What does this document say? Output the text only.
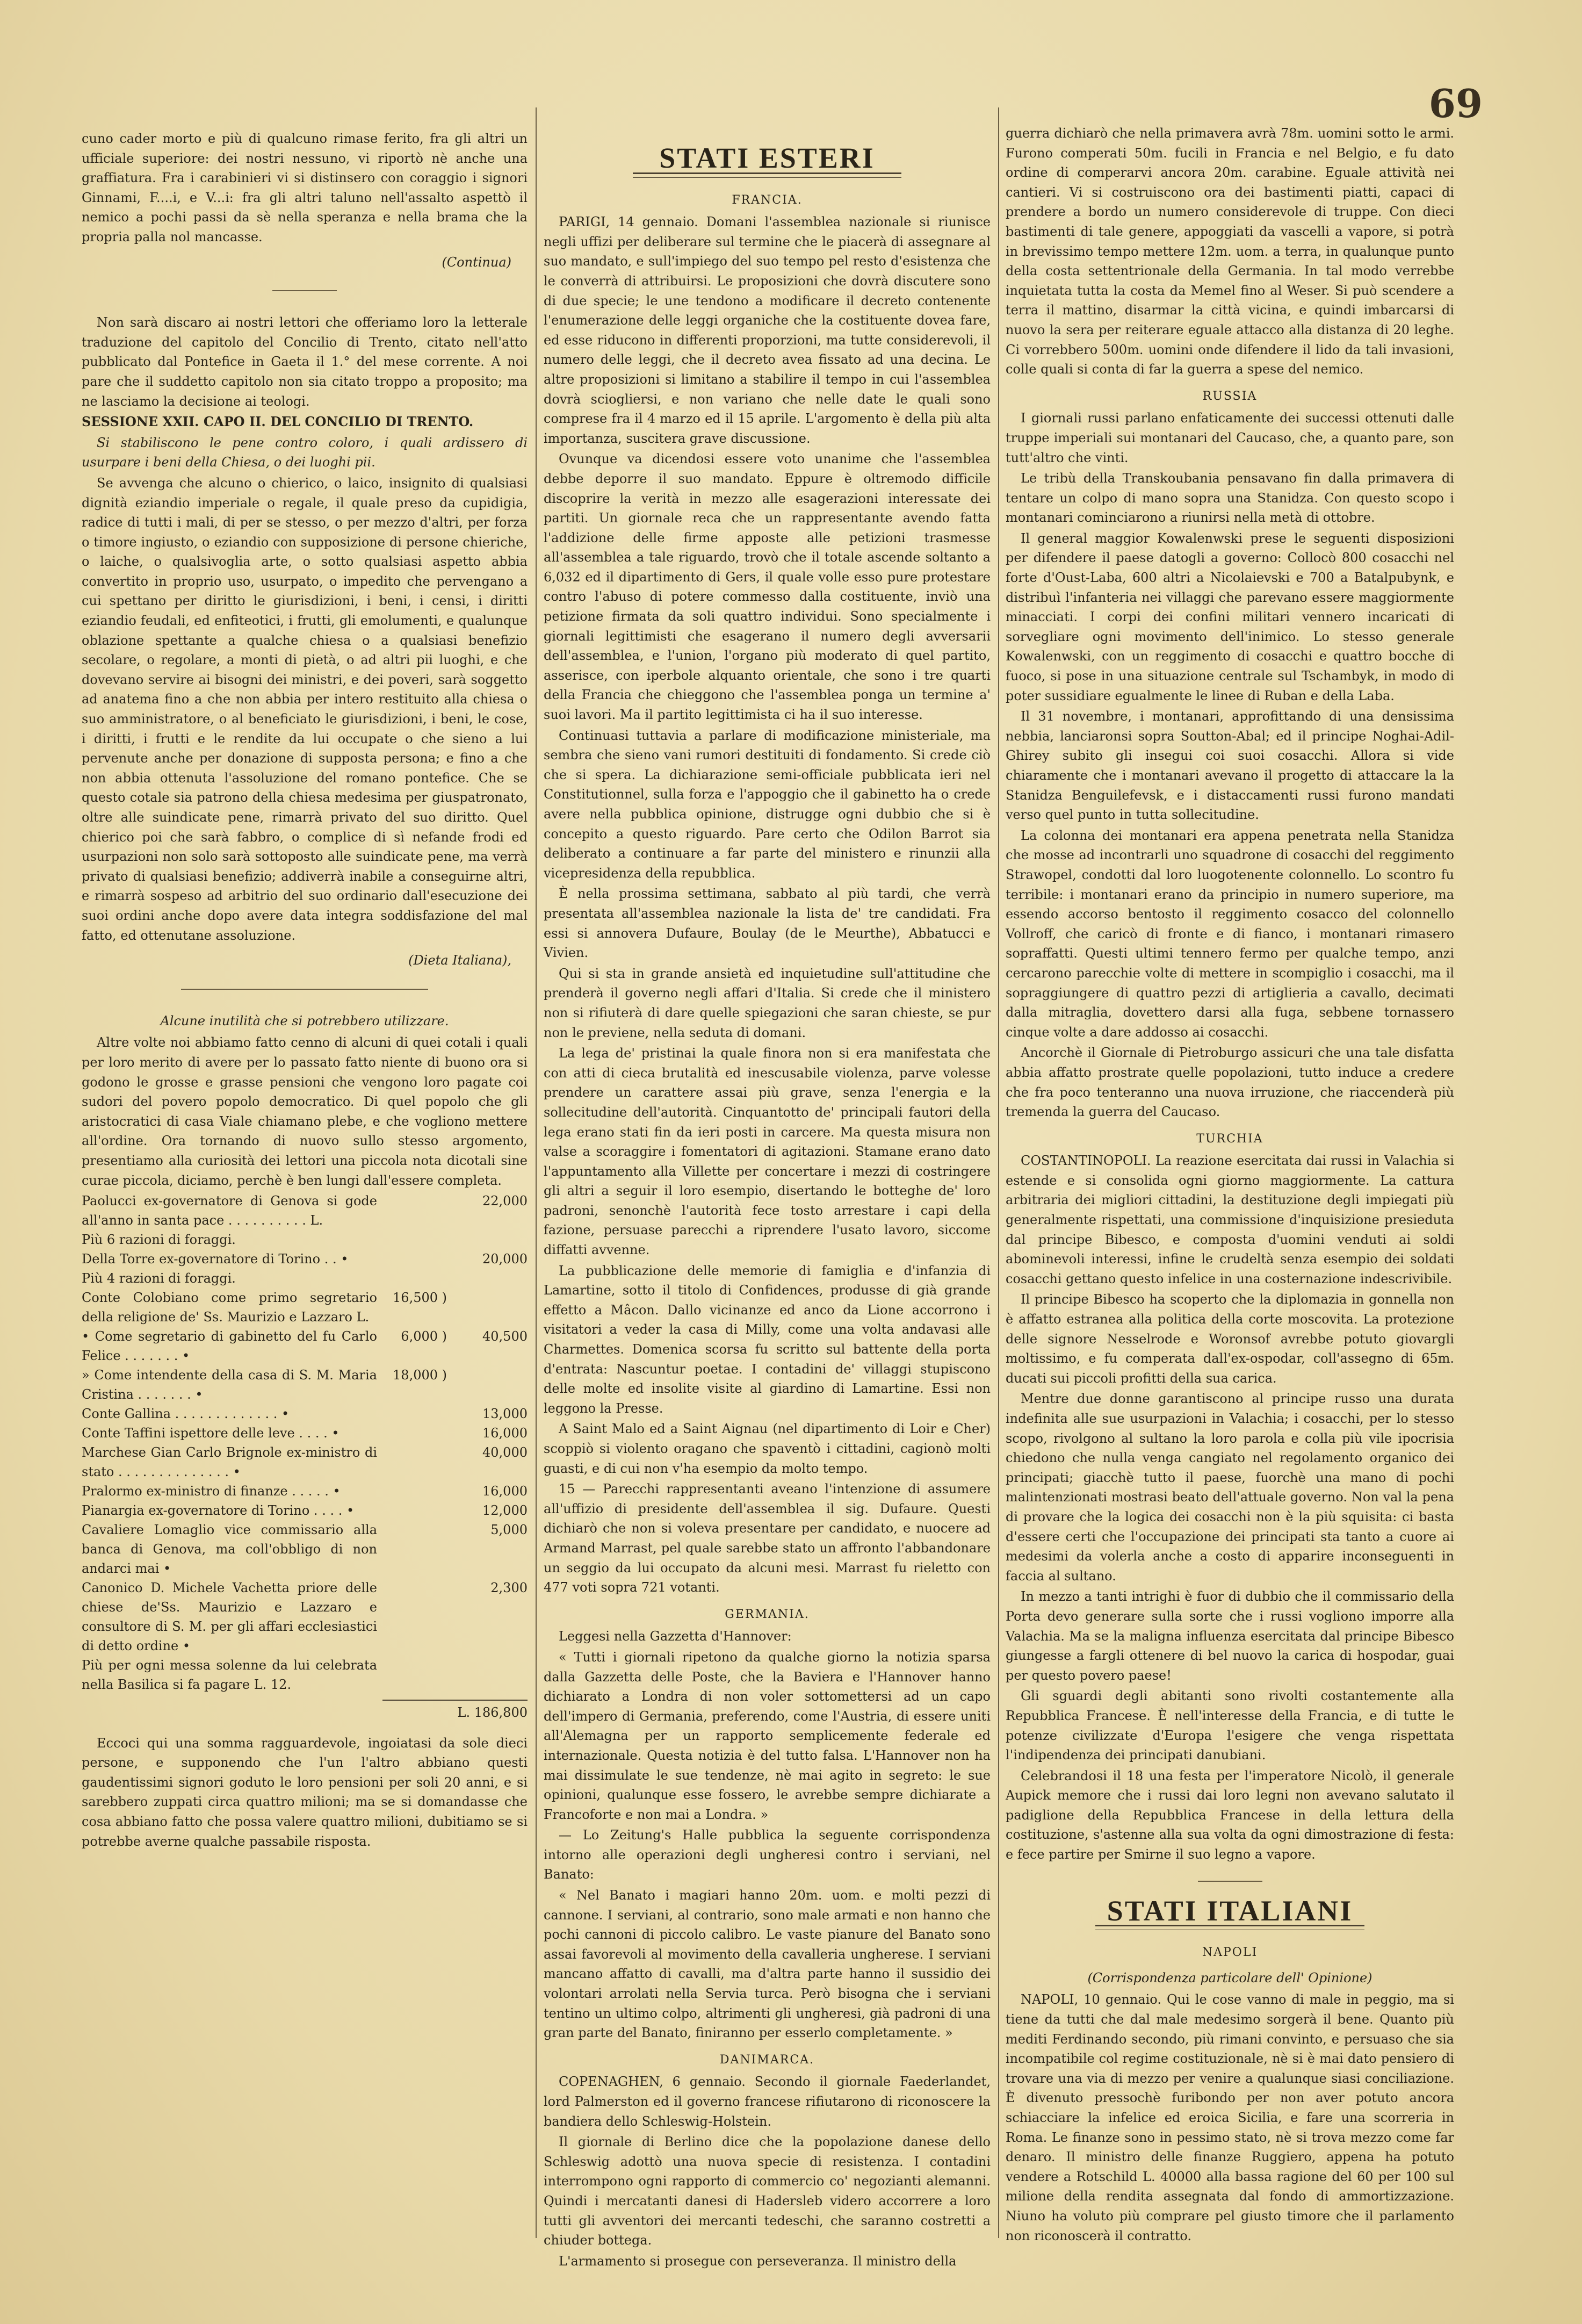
69

cuno cader morto e più di qualcuno rimase ferito, fra gli altri un ufficiale superiore: dei nostri nessuno, vi riportò nè anche una graffiatura. Fra i carabinieri vi si distinsero con coraggio i signori Ginnami, F....i, e V...i: fra gli altri taluno nell'assalto aspettò il nemico a pochi passi da sè nella speranza e nella brama che la propria palla nol mancasse.

(Continua)

Non sarà discaro ai nostri lettori che offeriamo loro la letterale traduzione del capitolo del Concilio di Trento, citato nell'atto pubblicato dal Pontefice in Gaeta il 1.° del mese corrente. A noi pare che il suddetto capitolo non sia citato troppo a proposito; ma ne lasciamo la decisione ai teologi.

SESSIONE XXII. CAPO II. DEL CONCILIO DI TRENTO.

Si stabiliscono le pene contro coloro, i quali ardissero di usurpare i beni della Chiesa, o dei luoghi pii.

Se avvenga che alcuno o chierico, o laico, insignito di qualsiasi dignità eziandio imperiale o regale, il quale preso da cupidigia, radice di tutti i mali, di per se stesso, o per mezzo d'altri, per forza o timore ingiusto, o eziandio con supposizione di persone chieriche, o laiche, o qualsivoglia arte, o sotto qualsiasi aspetto abbia convertito in proprio uso, usurpato, o impedito che pervengano a cui spettano per diritto le giurisdizioni, i beni, i censi, i diritti eziandio feudali, ed enfiteotici, i frutti, gli emolumenti, e qualunque oblazione spettante a qualche chiesa o a qualsiasi benefizio secolare, o regolare, a monti di pietà, o ad altri pii luoghi, e che dovevano servire ai bisogni dei ministri, e dei poveri, sarà soggetto ad anatema fino a che non abbia per intero restituito alla chiesa o suo amministratore, o al beneficiato le giurisdizioni, i beni, le cose, i diritti, i frutti e le rendite da lui occupate o che sieno a lui pervenute anche per donazione di supposta persona; e fino a che non abbia ottenuta l'assoluzione del romano pontefice. Che se questo cotale sia patrono della chiesa medesima per giuspatronato, oltre alle suindicate pene, rimarrà privato del suo diritto. Quel chierico poi che sarà fabbro, o complice di sì nefande frodi ed usurpazioni non solo sarà sottoposto alle suindicate pene, ma verrà privato di qualsiasi benefizio; addiverrà inabile a conseguirne altri, e rimarrà sospeso ad arbitrio del suo ordinario dall'esecuzione dei suoi ordini anche dopo avere data integra soddisfazione del mal fatto, ed ottenutane assoluzione.

(Dieta Italiana),

Alcune inutilità che si potrebbero utilizzare.

Altre volte noi abbiamo fatto cenno di alcuni di quei cotali i quali per loro merito di avere per lo passato fatto niente di buono ora si godono le grosse e grasse pensioni che vengono loro pagate coi sudori del povero popolo democratico. Di quel popolo che gli aristocratici di casa Viale chiamano plebe, e che vogliono mettere all'ordine. Ora tornando di nuovo sullo stesso argomento, presentiamo alla curiosità dei lettori una piccola nota dicotali sine curae piccola, diciamo, perchè è ben lungi dall'essere completa.

Paolucci ex-governatore di Genova si gode all'anno in santa pace . . . . . . . . . . L.		22,000
Più 6 razioni di foraggi.		
Della Torre ex-governatore di Torino . . •		20,000
Più 4 razioni di foraggi.		
Conte Colobiano come primo segretario della religione de' Ss. Maurizio e Lazzaro L.	16,500 )	
• Come segretario di gabinetto del fu Carlo Felice . . . . . . . •	6,000 )	40,500
» Come intendente della casa di S. M. Maria Cristina . . . . . . . •	18,000 )	
Conte Gallina . . . . . . . . . . . . . •		13,000
Conte Taffini ispettore delle leve . . . . •		16,000
Marchese Gian Carlo Brignole ex-ministro di stato . . . . . . . . . . . . . . •		40,000
Pralormo ex-ministro di finanze . . . . . •		16,000
Pianargia ex-governatore di Torino . . . . •		12,000
Cavaliere Lomaglio vice commissario alla banca di Genova, ma coll'obbligo di non andarci mai •		5,000
Canonico D. Michele Vachetta priore delle chiese de'Ss. Maurizio e Lazzaro e consultore di S. M. per gli affari ecclesiastici di detto ordine •		2,300
Più per ogni messa solenne da lui celebrata nella Basilica si fa pagare L. 12.		
L. 186,800

Eccoci qui una somma ragguardevole, ingoiatasi da sole dieci persone, e supponendo che l'un l'altro abbiano questi gaudentissimi signori goduto le loro pensioni per soli 20 anni, e si sarebbero zuppati circa quattro milioni; ma se si domandasse che cosa abbiano fatto che possa valere quattro milioni, dubitiamo se si potrebbe averne qualche passabile risposta.

STATI ESTERI
FRANCIA.

PARIGI, 14 gennaio. Domani l'assemblea nazionale si riunisce negli uffizi per deliberare sul termine che le piacerà di assegnare al suo mandato, e sull'impiego del suo tempo pel resto d'esistenza che le converrà di attribuirsi. Le proposizioni che dovrà discutere sono di due specie; le une tendono a modificare il decreto contenente l'enumerazione delle leggi organiche che la costituente dovea fare, ed esse riducono in differenti proporzioni, ma tutte considerevoli, il numero delle leggi, che il decreto avea fissato ad una decina. Le altre proposizioni si limitano a stabilire il tempo in cui l'assemblea dovrà sciogliersi, e non variano che nelle date le quali sono comprese fra il 4 marzo ed il 15 aprile. L'argomento è della più alta importanza, suscitera grave discussione.

Ovunque va dicendosi essere voto unanime che l'assemblea debbe deporre il suo mandato. Eppure è oltremodo difficile discoprire la verità in mezzo alle esagerazioni interessate dei partiti. Un giornale reca che un rappresentante avendo fatta l'addizione delle firme apposte alle petizioni trasmesse all'assemblea a tale riguardo, trovò che il totale ascende soltanto a 6,032 ed il dipartimento di Gers, il quale volle esso pure protestare contro l'abuso di potere commesso dalla costituente, inviò una petizione firmata da soli quattro individui. Sono specialmente i giornali legittimisti che esagerano il numero degli avversarii dell'assemblea, e l'union, l'organo più moderato di quel partito, asserisce, con iperbole alquanto orientale, che sono i tre quarti della Francia che chieggono che l'assemblea ponga un termine a' suoi lavori. Ma il partito legittimista ci ha il suo interesse.

Continuasi tuttavia a parlare di modificazione ministeriale, ma sembra che sieno vani rumori destituiti di fondamento. Si crede ciò che si spera. La dichiarazione semi-officiale pubblicata ieri nel Constitutionnel, sulla forza e l'appoggio che il gabinetto ha o crede avere nella pubblica opinione, distrugge ogni dubbio che si è concepito a questo riguardo. Pare certo che Odilon Barrot sia deliberato a continuare a far parte del ministero e rinunzii alla vicepresidenza della repubblica.

È nella prossima settimana, sabbato al più tardi, che verrà presentata all'assemblea nazionale la lista de' tre candidati. Fra essi si annovera Dufaure, Boulay (de le Meurthe), Abbatucci e Vivien.

Qui si sta in grande ansietà ed inquietudine sull'attitudine che prenderà il governo negli affari d'Italia. Si crede che il ministero non si rifiuterà di dare quelle spiegazioni che saran chieste, se pur non le previene, nella seduta di domani.

La lega de' pristinai la quale finora non si era manifestata che con atti di cieca brutalità ed inescusabile violenza, parve volesse prendere un carattere assai più grave, senza l'energia e la sollecitudine dell'autorità. Cinquantotto de' principali fautori della lega erano stati fin da ieri posti in carcere. Ma questa misura non valse a scoraggire i fomentatori di agitazioni. Stamane erano dato l'appuntamento alla Villette per concertare i mezzi di costringere gli altri a seguir il loro esempio, disertando le botteghe de' loro padroni, senonchè l'autorità fece tosto arrestare i capi della fazione, persuase parecchi a riprendere l'usato lavoro, siccome diffatti avvenne.

La pubblicazione delle memorie di famiglia e d'infanzia di Lamartine, sotto il titolo di Confidences, produsse di già grande effetto a Mâcon. Dallo vicinanze ed anco da Lione accorrono i visitatori a veder la casa di Milly, come una volta andavasi alle Charmettes. Domenica scorsa fu scritto sul battente della porta d'entrata: Nascuntur poetae. I contadini de' villaggi stupiscono delle molte ed insolite visite al giardino di Lamartine. Essi non leggono la Presse.

A Saint Malo ed a Saint Aignau (nel dipartimento di Loir e Cher) scoppiò si violento oragano che spaventò i cittadini, cagionò molti guasti, e di cui non v'ha esempio da molto tempo.

15 — Parecchi rappresentanti aveano l'intenzione di assumere all'uffizio di presidente dell'assemblea il sig. Dufaure. Questi dichiarò che non si voleva presentare per candidato, e nuocere ad Armand Marrast, pel quale sarebbe stato un affronto l'abbandonare un seggio da lui occupato da alcuni mesi. Marrast fu rieletto con 477 voti sopra 721 votanti.

GERMANIA.

Leggesi nella Gazzetta d'Hannover:

« Tutti i giornali ripetono da qualche giorno la notizia sparsa dalla Gazzetta delle Poste, che la Baviera e l'Hannover hanno dichiarato a Londra di non voler sottomettersi ad un capo dell'impero di Germania, preferendo, come l'Austria, di essere uniti all'Alemagna per un rapporto semplicemente federale ed internazionale. Questa notizia è del tutto falsa. L'Hannover non ha mai dissimulate le sue tendenze, nè mai agito in segreto: le sue opinioni, qualunque esse fossero, le avrebbe sempre dichiarate a Francoforte e non mai a Londra. »

— Lo Zeitung's Halle pubblica la seguente corrispondenza intorno alle operazioni degli ungheresi contro i serviani, nel Banato:

« Nel Banato i magiari hanno 20m. uom. e molti pezzi di cannone. I serviani, al contrario, sono male armati e non hanno che pochi cannoni di piccolo calibro. Le vaste pianure del Banato sono assai favorevoli al movimento della cavalleria ungherese. I serviani mancano affatto di cavalli, ma d'altra parte hanno il sussidio dei volontari arrolati nella Servia turca. Però bisogna che i serviani tentino un ultimo colpo, altrimenti gli ungheresi, già padroni di una gran parte del Banato, finiranno per esserlo completamente. »

DANIMARCA.

COPENAGHEN, 6 gennaio. Secondo il giornale Faederlandet, lord Palmerston ed il governo francese rifiutarono di riconoscere la bandiera dello Schleswig-Holstein.

Il giornale di Berlino dice che la popolazione danese dello Schleswig adottò una nuova specie di resistenza. I contadini interrompono ogni rapporto di commercio co' negozianti alemanni. Quindi i mercatanti danesi di Hadersleb videro accorrere a loro tutti gli avventori dei mercanti tedeschi, che saranno costretti a chiuder bottega.

L'armamento si prosegue con perseveranza. Il ministro della

guerra dichiarò che nella primavera avrà 78m. uomini sotto le armi. Furono comperati 50m. fucili in Francia e nel Belgio, e fu dato ordine di comperarvi ancora 20m. carabine. Eguale attività nei cantieri. Vi si costruiscono ora dei bastimenti piatti, capaci di prendere a bordo un numero considerevole di truppe. Con dieci bastimenti di tale genere, appoggiati da vascelli a vapore, si potrà in brevissimo tempo mettere 12m. uom. a terra, in qualunque punto della costa settentrionale della Germania. In tal modo verrebbe inquietata tutta la costa da Memel fino al Weser. Si può scendere a terra il mattino, disarmar la città vicina, e quindi imbarcarsi di nuovo la sera per reiterare eguale attacco alla distanza di 20 leghe. Ci vorrebbero 500m. uomini onde difendere il lido da tali invasioni, colle quali si conta di far la guerra a spese del nemico.

RUSSIA

I giornali russi parlano enfaticamente dei successi ottenuti dalle truppe imperiali sui montanari del Caucaso, che, a quanto pare, son tutt'altro che vinti.

Le tribù della Transkoubania pensavano fin dalla primavera di tentare un colpo di mano sopra una Stanidza. Con questo scopo i montanari cominciarono a riunirsi nella metà di ottobre.

Il general maggior Kowalenwski prese le seguenti disposizioni per difendere il paese datogli a governo: Collocò 800 cosacchi nel forte d'Oust-Laba, 600 altri a Nicolaievski e 700 a Batalpubynk, e distribuì l'infanteria nei villaggi che parevano essere maggiormente minacciati. I corpi dei confini militari vennero incaricati di sorvegliare ogni movimento dell'inimico. Lo stesso generale Kowalenwski, con un reggimento di cosacchi e quattro bocche di fuoco, si pose in una situazione centrale sul Tschambyk, in modo di poter sussidiare egualmente le linee di Ruban e della Laba.

Il 31 novembre, i montanari, approfittando di una densissima nebbia, lanciaronsi sopra Soutton-Abal; ed il principe Noghai-Adil-Ghirey subito gli insegui coi suoi cosacchi. Allora si vide chiaramente che i montanari avevano il progetto di attaccare la la Stanidza Benguilefevsk, e i distaccamenti russi furono mandati verso quel punto in tutta sollecitudine.

La colonna dei montanari era appena penetrata nella Stanidza che mosse ad incontrarli uno squadrone di cosacchi del reggimento Strawopel, condotti dal loro luogotenente colonnello. Lo scontro fu terribile: i montanari erano da principio in numero superiore, ma essendo accorso bentosto il reggimento cosacco del colonnello Vollroff, che caricò di fronte e di fianco, i montanari rimasero sopraffatti. Questi ultimi tennero fermo per qualche tempo, anzi cercarono parecchie volte di mettere in scompiglio i cosacchi, ma il sopraggiungere di quattro pezzi di artiglieria a cavallo, decimati dalla mitraglia, dovettero darsi alla fuga, sebbene tornassero cinque volte a dare addosso ai cosacchi.

Ancorchè il Giornale di Pietroburgo assicuri che una tale disfatta abbia affatto prostrate quelle popolazioni, tutto induce a credere che fra poco tenteranno una nuova irruzione, che riaccenderà più tremenda la guerra del Caucaso.

TURCHIA

COSTANTINOPOLI. La reazione esercitata dai russi in Valachia si estende e si consolida ogni giorno maggiormente. La cattura arbitraria dei migliori cittadini, la destituzione degli impiegati più generalmente rispettati, una commissione d'inquisizione presieduta dal principe Bibesco, e composta d'uomini venduti ai soldi abominevoli interessi, infine le crudeltà senza esempio dei soldati cosacchi gettano questo infelice in una costernazione indescrivibile.

Il principe Bibesco ha scoperto che la diplomazia in gonnella non è affatto estranea alla politica della corte moscovita. La protezione delle signore Nesselrode e Woronsof avrebbe potuto giovargli moltissimo, e fu comperata dall'ex-ospodar, coll'assegno di 65m. ducati sui piccoli profitti della sua carica.

Mentre due donne garantiscono al principe russo una durata indefinita alle sue usurpazioni in Valachia; i cosacchi, per lo stesso scopo, rivolgono al sultano la loro parola e colla più vile ipocrisia chiedono che nulla venga cangiato nel regolamento organico dei principati; giacchè tutto il paese, fuorchè una mano di pochi malintenzionati mostrasi beato dell'attuale governo. Non val la pena di provare che la logica dei cosacchi non è la più squisita: ci basta d'essere certi che l'occupazione dei principati sta tanto a cuore ai medesimi da volerla anche a costo di apparire inconseguenti in faccia al sultano.

In mezzo a tanti intrighi è fuor di dubbio che il commissario della Porta devo generare sulla sorte che i russi vogliono imporre alla Valachia. Ma se la maligna influenza esercitata dal principe Bibesco giungesse a fargli ottenere di bel nuovo la carica di hospodar, guai per questo povero paese!

Gli sguardi degli abitanti sono rivolti costantemente alla Repubblica Francese. È nell'interesse della Francia, e di tutte le potenze civilizzate d'Europa l'esigere che venga rispettata l'indipendenza dei principati danubiani.

Celebrandosi il 18 una festa per l'imperatore Nicolò, il generale Aupick memore che i russi dai loro legni non avevano salutato il padiglione della Repubblica Francese in della lettura della costituzione, s'astenne alla sua volta da ogni dimostrazione di festa: e fece partire per Smirne il suo legno a vapore.

STATI ITALIANI
NAPOLI
(Corrispondenza particolare dell' Opinione)

NAPOLI, 10 gennaio. Qui le cose vanno di male in peggio, ma si tiene da tutti che dal male medesimo sorgerà il bene. Quanto più mediti Ferdinando secondo, più rimani convinto, e persuaso che sia incompatibile col regime costituzionale, nè si è mai dato pensiero di trovare una via di mezzo per venire a qualunque siasi conciliazione. È divenuto pressochè furibondo per non aver potuto ancora schiacciare la infelice ed eroica Sicilia, e fare una scorreria in Roma. Le finanze sono in pessimo stato, nè si trova mezzo come far denaro. Il ministro delle finanze Ruggiero, appena ha potuto vendere a Rotschild L. 40000 alla bassa ragione del 60 per 100 sul milione della rendita assegnata dal fondo di ammortizzazione. Niuno ha voluto più comprare pel giusto timore che il parlamento non riconoscerà il contratto.
